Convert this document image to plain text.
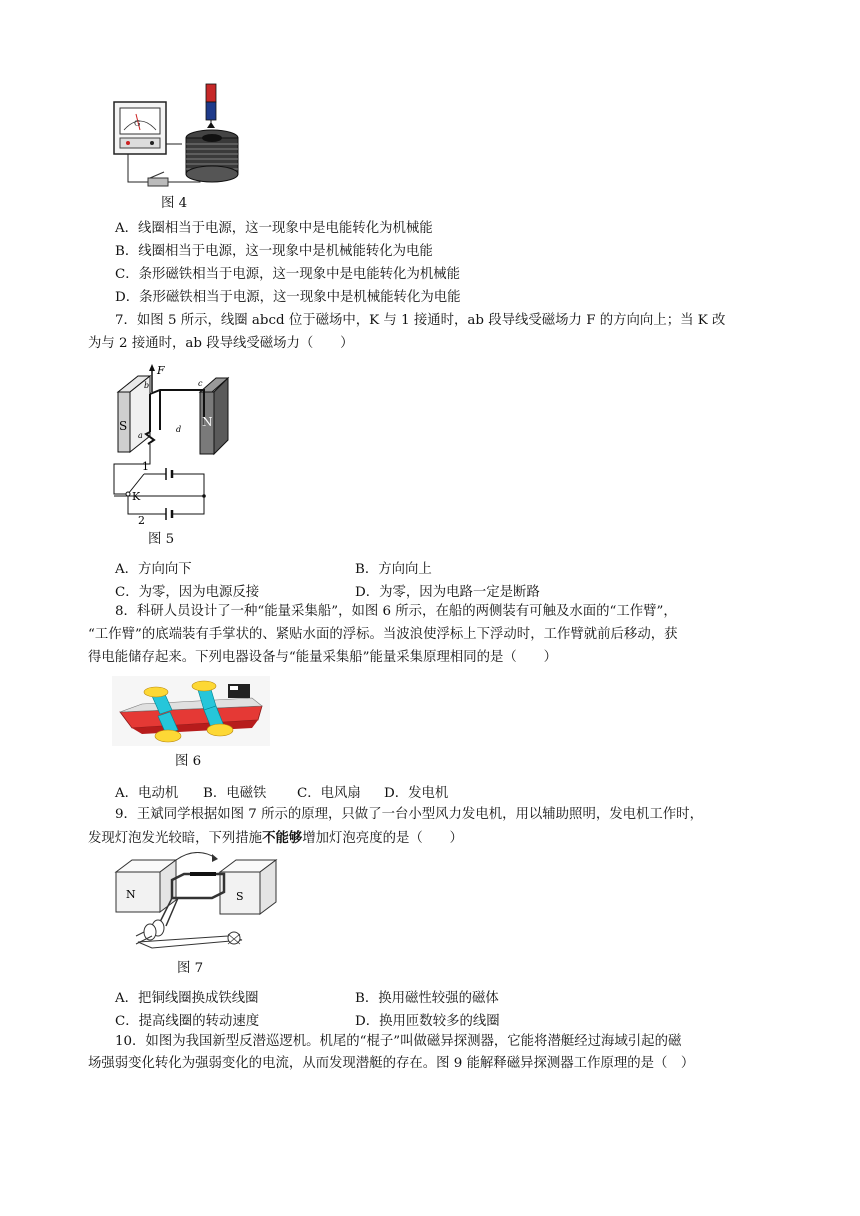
G
图 4
A．线圈相当于电源，这一现象中是电能转化为机械能
B．线圈相当于电源，这一现象中是机械能转化为电能
C．条形磁铁相当于电源，这一现象中是电能转化为机械能
D．条形磁铁相当于电源，这一现象中是机械能转化为电能
7．如图 5 所示，线圈 abcd 位于磁场中，K 与 1 接通时，ab 段导线受磁场力 F 的方向向上；当 K 改
为与 2 接通时，ab 段导线受磁场力（　　）
F
b	c
S	N
a
d
1
K
2
图 5
A．方向向下	B．方向向上
C．为零，因为电源反接	D．为零，因为电路一定是断路
8．科研人员设计了一种“能量采集船”，如图 6 所示，在船的两侧装有可触及水面的“工作臂”，
“工作臂”的底端装有手掌状的、紧贴水面的浮标。当波浪使浮标上下浮动时，工作臂就前后移动，获
得电能储存起来。下列电器设备与“能量采集船”能量采集原理相同的是（　　）
图 6
A．电动机 B．电磁铁 C．电风扇 D．发电机
9．王斌同学根据如图 7 所示的原理，只做了一台小型风力发电机，用以辅助照明，发电机工作时，
发现灯泡发光较暗，下列措施不能够增加灯泡亮度的是（　　）
N	S
图 7
A．把铜线圈换成铁线圈	B．换用磁性较强的磁体
C．提高线圈的转动速度	D．换用匝数较多的线圈
10．如图为我国新型反潜巡逻机。机尾的“棍子”叫做磁异探测器，它能将潜艇经过海域引起的磁
场强弱变化转化为强弱变化的电流，从而发现潜艇的存在。图 9 能解释磁异探测器工作原理的是（　）
